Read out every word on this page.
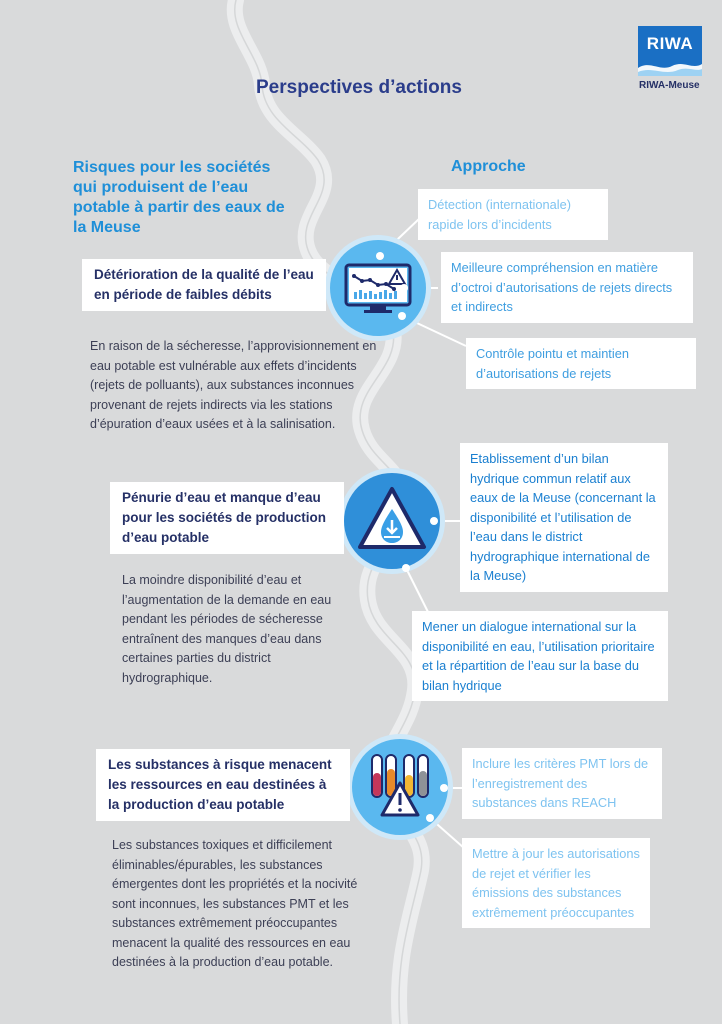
RIWA
RIWA-Meuse
Perspectives d’actions
Risques pour les sociétés qui produisent de l’eau potable à partir des eaux de la Meuse
Approche
Détérioration de la qualité de l’eau en période de faibles débits
En raison de la sécheresse, l’approvisionnement en eau potable est vulnérable aux effets d’incidents (rejets de polluants), aux substances inconnues provenant de rejets indirects via les stations d’épuration d’eaux usées et à la salinisation.
Détection (internationale) rapide lors d’incidents
Meilleure compréhension en matière d’octroi d’autorisations de rejets directs et indirects
Contrôle pointu et maintien d’autorisations de rejets
Pénurie d’eau et manque d’eau pour les sociétés de production d’eau potable
La moindre disponibilité d’eau et l’augmentation de la demande en eau pendant les périodes de sécheresse entraînent des manques d’eau dans certaines parties du district hydrographique.
Etablissement d’un bilan hydrique commun relatif aux eaux de la Meuse (concernant la disponibilité et l’utilisation de l’eau dans le district hydrographique international de la Meuse)
Mener un dialogue international sur la disponibilité en eau, l’utilisation prioritaire et la répartition de l’eau sur la base du bilan hydrique
Les substances à risque menacent les ressources en eau destinées à la production d’eau potable
Les substances toxiques et difficilement éliminables/épurables, les substances émergentes dont les propriétés et la nocivité sont inconnues, les substances PMT et les substances extrêmement préoccupantes menacent la qualité des ressources en eau destinées à la production d’eau potable.
Inclure les critères PMT lors de l’enregistrement des substances dans REACH
Mettre à jour les autorisations de rejet et vérifier les émissions des substances extrêmement préoccupantes
